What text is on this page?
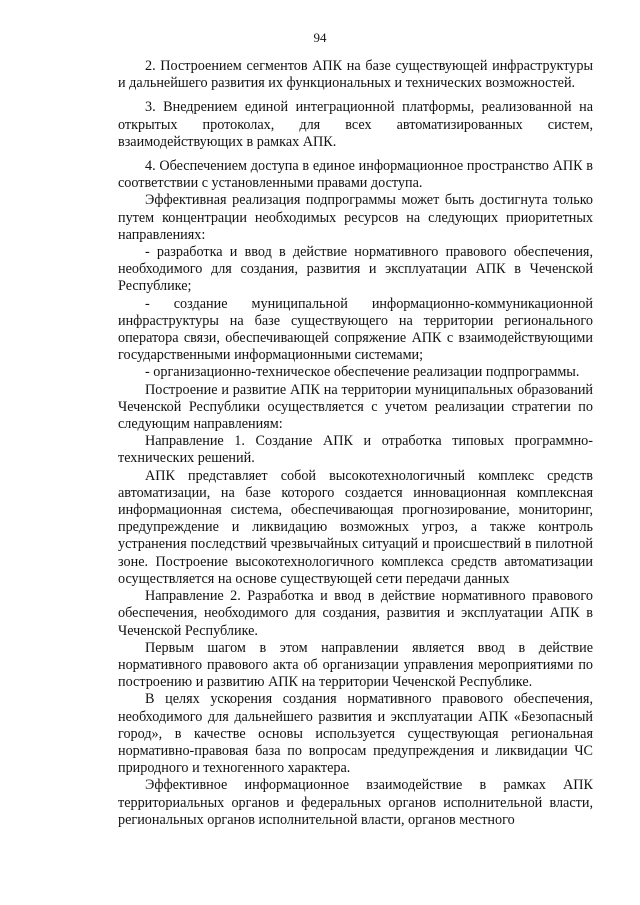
94

2. Построением сегментов АПК на базе существующей инфраструктуры и дальнейшего развития их функциональных и технических возможностей.

3. Внедрением единой интеграционной платформы, реализованной на открытых протоколах, для всех автоматизированных систем, взаимодействующих в рамках АПК.

4. Обеспечением доступа в единое информационное пространство АПК в соответствии с установленными правами доступа.

Эффективная реализация подпрограммы может быть достигнута только путем концентрации необходимых ресурсов на следующих приоритетных направлениях:

- разработка и ввод в действие нормативного правового обеспечения, необходимого для создания, развития и эксплуатации АПК в Чеченской Республике;

- создание муниципальной информационно-коммуникационной инфраструктуры на базе существующего на территории регионального оператора связи, обеспечивающей сопряжение АПК с взаимодействующими государственными информационными системами;

- организационно-техническое обеспечение реализации подпрограммы.

Построение и развитие АПК на территории муниципальных образований Чеченской Республики осуществляется с учетом реализации стратегии по следующим направлениям:

Направление 1. Создание АПК и отработка типовых программно-технических решений.

АПК представляет собой высокотехнологичный комплекс средств автоматизации, на базе которого создается инновационная комплексная информационная система, обеспечивающая прогнозирование, мониторинг, предупреждение и ликвидацию возможных угроз, а также контроль устранения последствий чрезвычайных ситуаций и происшествий в пилотной зоне. Построение высокотехнологичного комплекса средств автоматизации осуществляется на основе существующей сети передачи данных

Направление 2. Разработка и ввод в действие нормативного правового обеспечения, необходимого для создания, развития и эксплуатации АПК в Чеченской Республике.

Первым шагом в этом направлении является ввод в действие нормативного правового акта об организации управления мероприятиями по построению и развитию АПК на территории Чеченской Республике.

В целях ускорения создания нормативного правового обеспечения, необходимого для дальнейшего развития и эксплуатации АПК «Безопасный город», в качестве основы используется существующая региональная нормативно-правовая база по вопросам предупреждения и ликвидации ЧС природного и техногенного характера.

Эффективное информационное взаимодействие в рамках АПК территориальных органов и федеральных органов исполнительной власти, региональных органов исполнительной власти, органов местного
